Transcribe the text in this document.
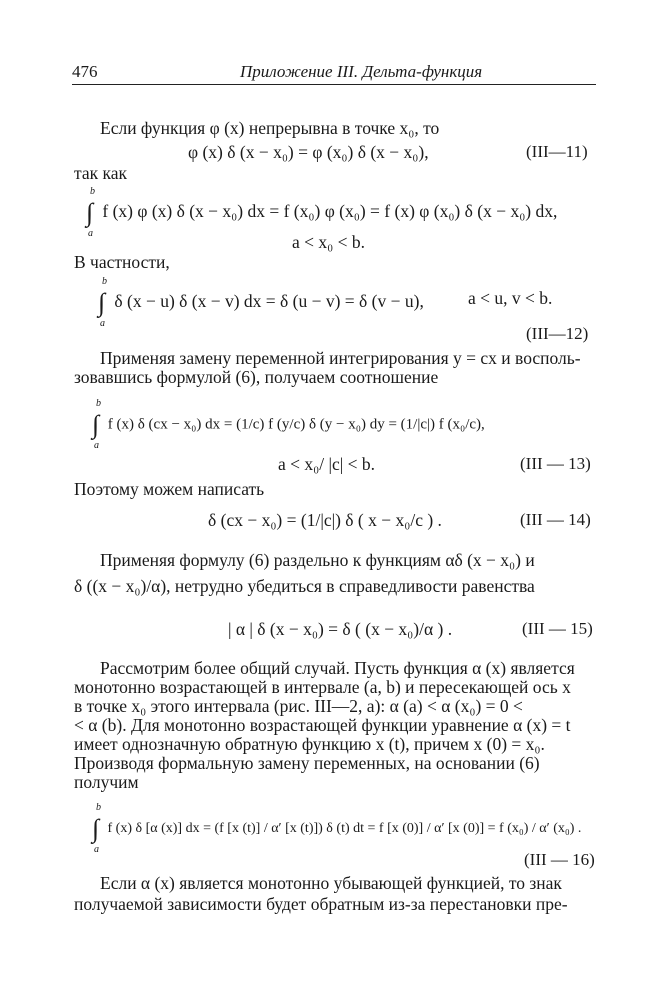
476	Приложение III. Дельта-функция
Если функция φ (x) непрерывна в точке x₀, то
φ (x) δ (x − x₀) = φ (x₀) δ (x − x₀),	(III—11)
так как
∫
b
a
f (x) φ (x) δ (x − x₀) dx = f (x₀) φ (x₀) = f (x) φ (x₀) δ (x − x₀) dx,
a < x₀ < b.
В частности,
∫
b
a
δ (x − u) δ (x − v) dx = δ (u − v) = δ (v − u),	a < u, v < b.
(III—12)
Применяя замену переменной интегрирования y = cx и восполь-
зовавшись формулой (6), получаем соотношение
∫
b
a
f (x) δ (cx − x₀) dx = (1/c) f (y/c) δ (y − x₀) dy = (1/|c|) f (x₀/c),
a < x₀/ |c| < b.	(III — 13)
Поэтому можем написать
δ (cx − x₀) = (1/|c|) δ ( x − x₀/c ) .	(III — 14)
Применяя формулу (6) раздельно к функциям αδ (x − x₀) и
δ ((x − x₀)/α), нетрудно убедиться в справедливости равенства
| α | δ (x − x₀) = δ ( (x − x₀)/α ) .	(III — 15)
Рассмотрим более общий случай. Пусть функция α (x) является
монотонно возрастающей в интервале (a, b) и пересекающей ось x
в точке x₀ этого интервала (рис. III—2, a): α (a) < α (x₀) = 0 <
< α (b). Для монотонно возрастающей функции уравнение α (x) = t
имеет однозначную обратную функцию x (t), причем x (0) = x₀.
Производя формальную замену переменных, на основании (6)
получим
∫
b
a
f (x) δ [α (x)] dx = (f [x (t)] / α′ [x (t)]) δ (t) dt = f [x (0)] / α′ [x (0)] = f (x₀) / α′ (x₀) .
(III — 16)
Если α (x) является монотонно убывающей функцией, то знак
получаемой зависимости будет обратным из-за перестановки пре-
